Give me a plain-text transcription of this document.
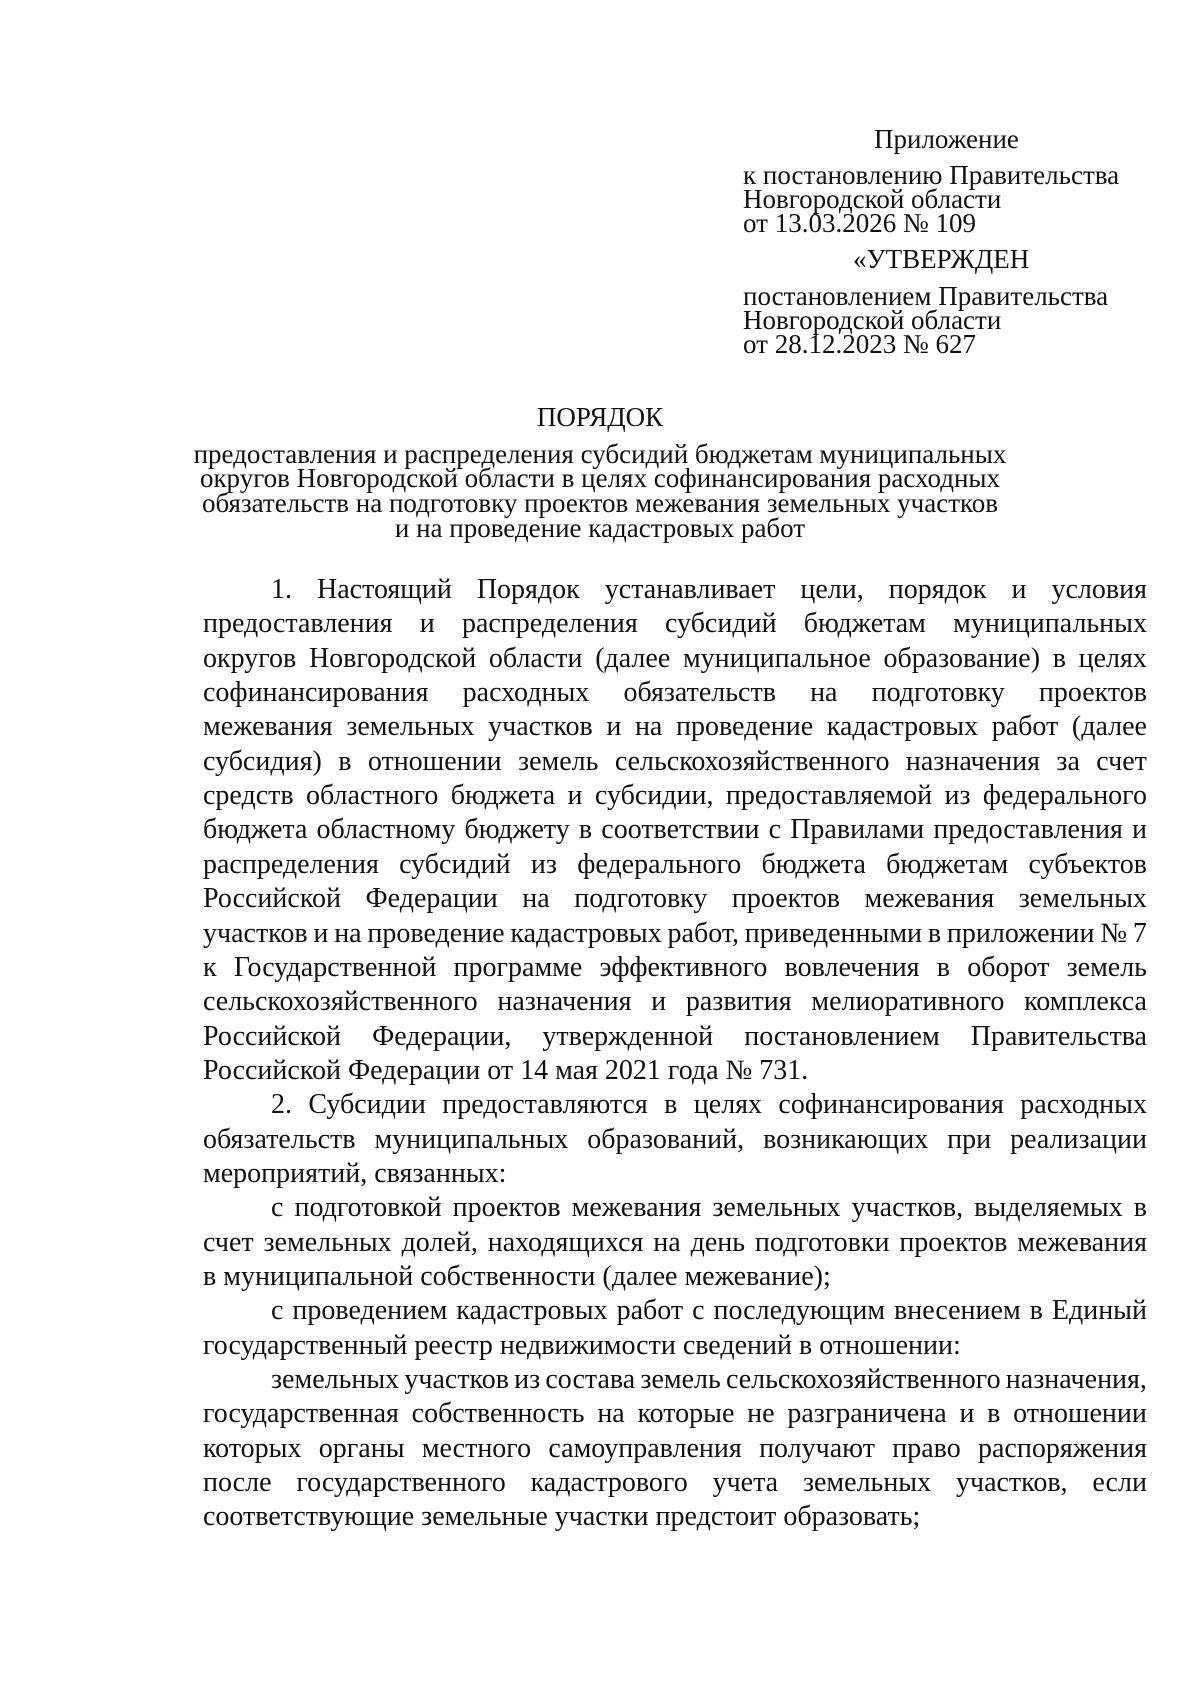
Приложение
к постановлению Правительства
Новгородской области
от 13.03.2026 № 109
«УТВЕРЖДЕН
постановлением Правительства
Новгородской области
от 28.12.2023 № 627
ПОРЯДОК
предоставления и распределения субсидий бюджетам муниципальных
округов Новгородской области в целях софинансирования расходных
обязательств на подготовку проектов межевания земельных участков
и на проведение кадастровых работ
1. Настоящий Порядок устанавливает цели, порядок и условия
предоставления и распределения субсидий бюджетам муниципальных
округов Новгородской области (далее муниципальное образование) в целях
софинансирования расходных обязательств на подготовку проектов
межевания земельных участков и на проведение кадастровых работ (далее
субсидия) в отношении земель сельскохозяйственного назначения за счет
средств областного бюджета и субсидии, предоставляемой из федерального
бюджета областному бюджету в соответствии с Правилами предоставления и
распределения субсидий из федерального бюджета бюджетам субъектов
Российской Федерации на подготовку проектов межевания земельных
участков и на проведение кадастровых работ, приведенными в приложении № 7
к Государственной программе эффективного вовлечения в оборот земель
сельскохозяйственного назначения и развития мелиоративного комплекса
Российской Федерации, утвержденной постановлением Правительства
Российской Федерации от 14 мая 2021 года № 731.
2. Субсидии предоставляются в целях софинансирования расходных
обязательств муниципальных образований, возникающих при реализации
мероприятий, связанных:
с подготовкой проектов межевания земельных участков, выделяемых в
счет земельных долей, находящихся на день подготовки проектов межевания
в муниципальной собственности (далее межевание);
с проведением кадастровых работ с последующим внесением в Единый
государственный реестр недвижимости сведений в отношении:
земельных участков из состава земель сельскохозяйственного назначения,
государственная собственность на которые не разграничена и в отношении
которых органы местного самоуправления получают право распоряжения
после государственного кадастрового учета земельных участков, если
соответствующие земельные участки предстоит образовать;
